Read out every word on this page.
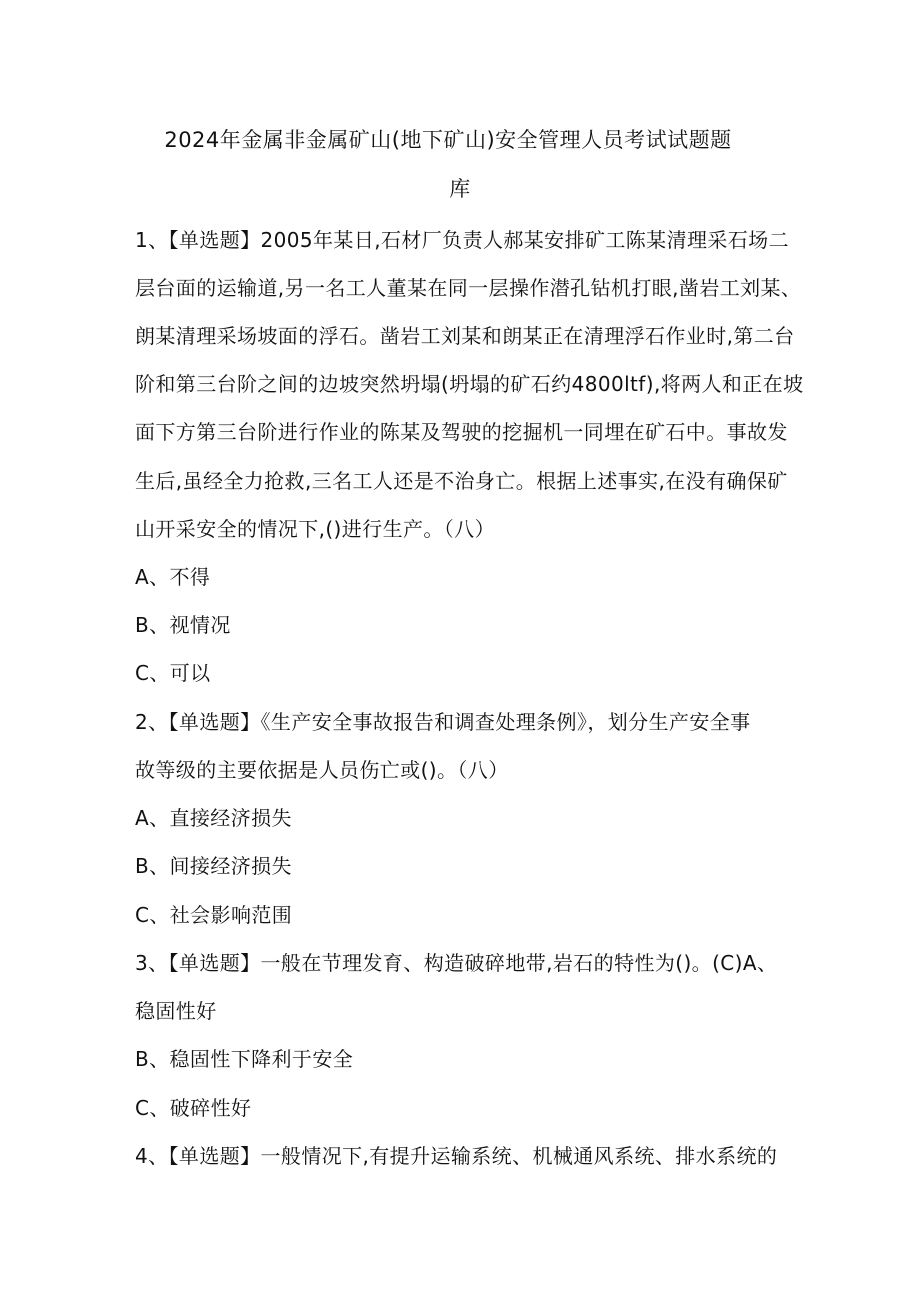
2024年金属非金属矿山(地下矿山)安全管理人员考试试题题
库
1、【单选题】2005年某日,石材厂负责人郝某安排矿工陈某清理采石场二
层台面的运输道,另一名工人董某在同一层操作潜孔钻机打眼,凿岩工刘某、
朗某清理采场坡面的浮石。凿岩工刘某和朗某正在清理浮石作业时,第二台
阶和第三台阶之间的边坡突然坍塌(坍塌的矿石约4800ltf),将两人和正在坡
面下方第三台阶进行作业的陈某及驾驶的挖掘机一同埋在矿石中。事故发
生后,虽经全力抢救,三名工人还是不治身亡。根据上述事实,在没有确保矿
山开采安全的情况下,()进行生产。（八）
A、不得
B、视情况
C、可以
2、【单选题】《生产安全事故报告和调查处理条例》，划分生产安全事
故等级的主要依据是人员伤亡或()。（八）
A、直接经济损失
B、间接经济损失
C、社会影响范围
3、【单选题】一般在节理发育、构造破碎地带,岩石的特性为()。(C)A、
稳固性好
B、稳固性下降利于安全
C、破碎性好
4、【单选题】一般情况下,有提升运输系统、机械通风系统、排水系统的
